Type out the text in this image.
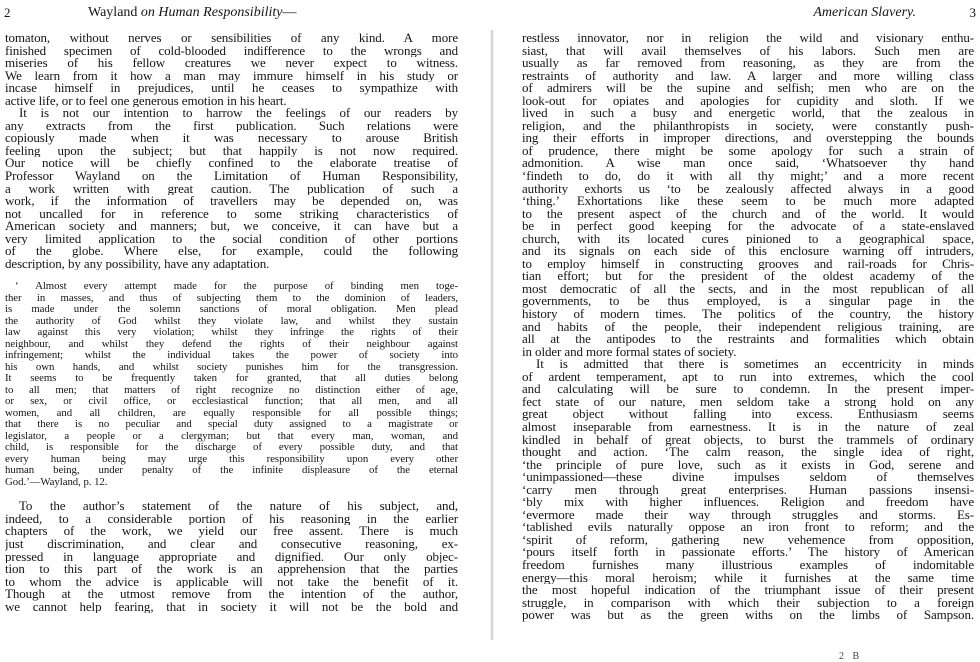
2	Wayland on Human Responsibility—
tomaton, without nerves or sensibilities of any kind. A more
finished specimen of cold-blooded indifference to the wrongs and
miseries of his fellow creatures we never expect to witness.
We learn from it how a man may immure himself in his study or
incase himself in prejudices, until he ceases to sympathize with
active life, or to feel one generous emotion in his heart.
It is not our intention to harrow the feelings of our readers by
any extracts from the first publication. Such relations were
copiously made when it was necessary to arouse British
feeling upon the subject; but that happily is not now required.
Our notice will be chiefly confined to the elaborate treatise of
Professor Wayland on the Limitation of Human Responsibility,
a work written with great caution. The publication of such a
work, if the information of travellers may be depended on, was
not uncalled for in reference to some striking characteristics of
American society and manners; but, we conceive, it can have but a
very limited application to the social condition of other portions
of the globe. Where else, for example, could the following
description, by any possibility, have any adaptation.
‘ Almost every attempt made for the purpose of binding men toge-
ther in masses, and thus of subjecting them to the dominion of leaders,
is made under the solemn sanctions of moral obligation. Men plead
the authority of God whilst they violate law, and whilst they sustain
law against this very violation; whilst they infringe the rights of their
neighbour, and whilst they defend the rights of their neighbour against
infringement; whilst the individual takes the power of society into
his own hands, and whilst society punishes him for the transgression.
It seems to be frequently taken for granted, that all duties belong
to all men; that matters of right recognize no distinction either of age,
or sex, or civil office, or ecclesiastical function; that all men, and all
women, and all children, are equally responsible for all possible things;
that there is no peculiar and special duty assigned to a magistrate or
legislator, a people or a clergyman; but that every man, woman, and
child, is responsible for the discharge of every possible duty, and that
every human being may urge this responsibility upon every other
human being, under penalty of the infinite displeasure of the eternal
God.’—Wayland, p. 12.
To the author’s statement of the nature of his subject, and,
indeed, to a considerable portion of his reasoning in the earlier
chapters of the work, we yield our free assent. There is much
just discrimination, and clear and consecutive reasoning, ex-
pressed in language appropriate and dignified. Our only objec-
tion to this part of the work is an apprehension that the parties
to whom the advice is applicable will not take the benefit of it.
Though at the utmost remove from the intention of the author,
we cannot help fearing, that in society it will not be the bold and
American Slavery.	3
restless innovator, nor in religion the wild and visionary enthu-
siast, that will avail themselves of his labors. Such men are
usually as far removed from reasoning, as they are from the
restraints of authority and law. A larger and more willing class
of admirers will be the supine and selfish; men who are on the
look-out for opiates and apologies for cupidity and sloth. If we
lived in such a busy and energetic world, that the zealous in
religion, and the philanthropists in society, were constantly push-
ing their efforts in improper directions, and overstepping the bounds
of prudence, there might be some apology for such a strain of
admonition. A wise man once said, ‘Whatsoever thy hand
‘findeth to do, do it with all thy might;’ and a more recent
authority exhorts us ‘to be zealously affected always in a good
‘thing.’ Exhortations like these seem to be much more adapted
to the present aspect of the church and of the world. It would
be in perfect good keeping for the advocate of a state-enslaved
church, with its located cures pinioned to a geographical space,
and its signals on each side of this enclosure warning off intruders,
to employ himself in constructing grooves and rail-roads for Chris-
tian effort; but for the president of the oldest academy of the
most democratic of all the sects, and in the most republican of all
governments, to be thus employed, is a singular page in the
history of modern times. The politics of the country, the history
and habits of the people, their independent religious training, are
all at the antipodes to the restraints and formalities which obtain
in older and more formal states of society.
It is admitted that there is sometimes an eccentricity in minds
of ardent temperament, apt to run into extremes, which the cool
and calculating will be sure to condemn. In the present imper-
fect state of our nature, men seldom take a strong hold on any
great object without falling into excess. Enthusiasm seems
almost inseparable from earnestness. It is in the nature of zeal
kindled in behalf of great objects, to burst the trammels of ordinary
thought and action. ‘The calm reason, the single idea of right,
‘the principle of pure love, such as it exists in God, serene and
‘unimpassioned—these divine impulses seldom of themselves
‘carry men through great enterprises. Human passions insensi-
‘bly mix with higher influences. Religion and freedom have
‘evermore made their way through struggles and storms. Es-
‘tablished evils naturally oppose an iron front to reform; and the
‘spirit of reform, gathering new vehemence from opposition,
‘pours itself forth in passionate efforts.’ The history of American
freedom furnishes many illustrious examples of indomitable
energy—this moral heroism; while it furnishes at the same time
the most hopeful indication of the triumphant issue of their present
struggle, in comparison with which their subjection to a foreign
power was but as the green withs on the limbs of Sampson.
2 B
